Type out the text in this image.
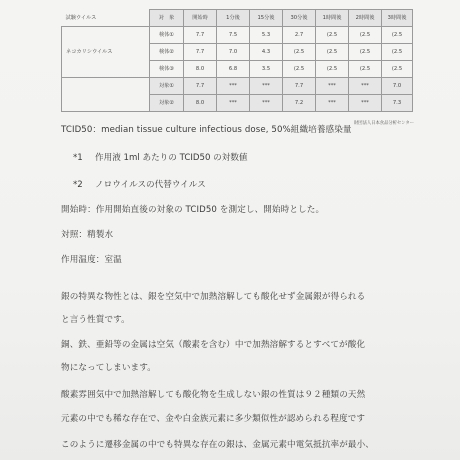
試験ウイルス	対　象	開始時	1分後	15分後	30分後	1時間後	2時間後	3時間後
	検体①	7.7	7.5	5.3	2.7	(2.5	(2.5	(2.5
ネコカリシウイルス	検体②	7.7	7.0	4.3	(2.5	(2.5	(2.5	(2.5
	検体③	8.0	6.8	3.5	(2.5	(2.5	(2.5	(2.5
	対象①	7.7	***	***	7.7	***	***	7.0
	対象②	8.0	***	***	7.2	***	***	7.3
財団法人日本食品分析センター
TCID50：median tissue culture infectious dose, 50%組織培養感染量
*1 作用液 1ml あたりの TCID50 の対数値
*2 ノロウイルスの代替ウイルス
開始時：作用開始直後の対象の TCID50 を測定し、開始時とした。
対照：精製水
作用温度：室温
銀の特異な物性とは、銀を空気中で加熱溶解しても酸化せず金属銀が得られる
と言う性質です。
銅、鉄、亜鉛等の金属は空気（酸素を含む）中で加熱溶解するとすべてが酸化
物になってしまいます。
酸素雰囲気中で加熱溶解しても酸化物を生成しない銀の性質は９２種類の天然
元素の中でも稀な存在で、金や白金族元素に多少類似性が認められる程度です
このように遷移金属の中でも特異な存在の銀は、金属元素中電気抵抗率が最小、
